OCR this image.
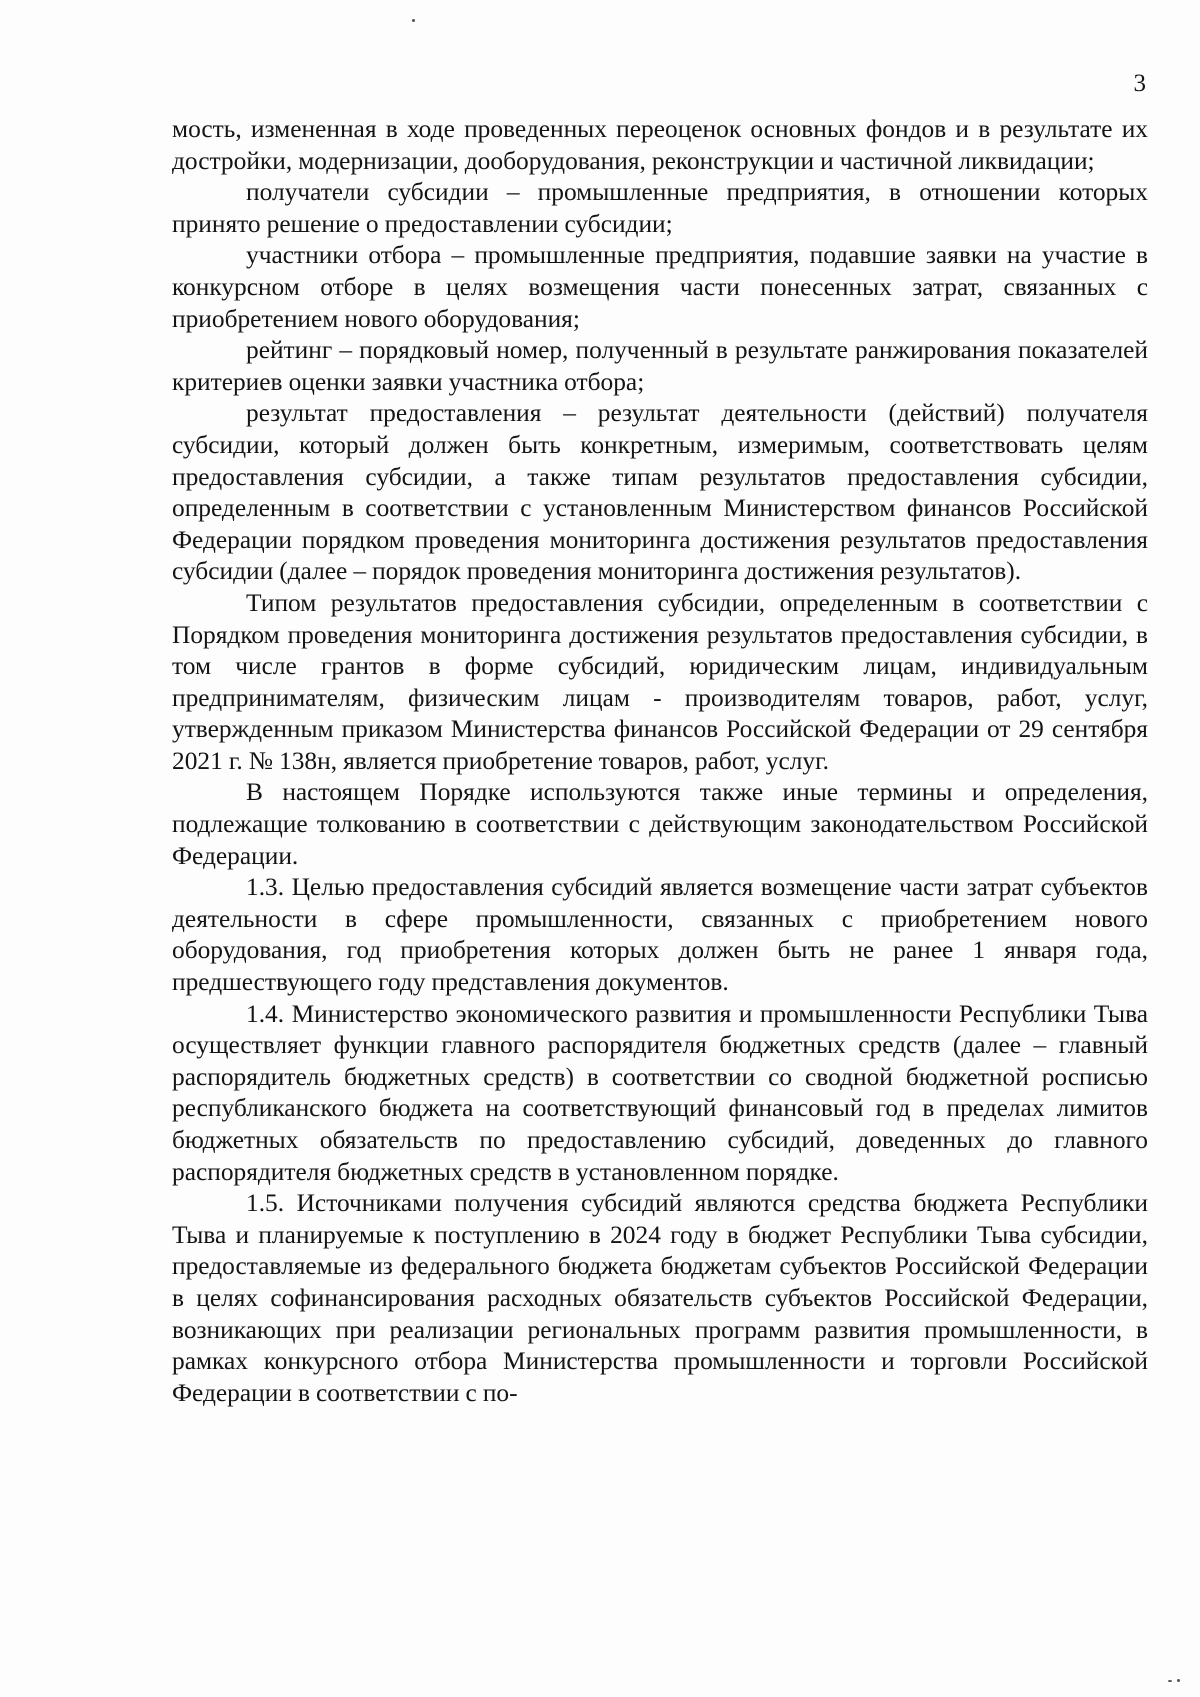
3

мость, измененная в ходе проведенных переоценок основных фондов и в результате их достройки, модернизации, дооборудования, реконструкции и частичной ликвидации;

получатели субсидии – промышленные предприятия, в отношении которых принято решение о предоставлении субсидии;

участники отбора – промышленные предприятия, подавшие заявки на участие в конкурсном отборе в целях возмещения части понесенных затрат, связанных с приобретением нового оборудования;

рейтинг – порядковый номер, полученный в результате ранжирования показателей критериев оценки заявки участника отбора;

результат предоставления – результат деятельности (действий) получателя субсидии, который должен быть конкретным, измеримым, соответствовать целям предоставления субсидии, а также типам результатов предоставления субсидии, определенным в соответствии с установленным Министерством финансов Российской Федерации порядком проведения мониторинга достижения результатов предоставления субсидии (далее – порядок проведения мониторинга достижения результатов).

Типом результатов предоставления субсидии, определенным в соответствии с Порядком проведения мониторинга достижения результатов предоставления субсидии, в том числе грантов в форме субсидий, юридическим лицам, индивидуальным предпринимателям, физическим лицам - производителям товаров, работ, услуг, утвержденным приказом Министерства финансов Российской Федерации от 29 сентября 2021 г. № 138н, является приобретение товаров, работ, услуг.

В настоящем Порядке используются также иные термины и определения, подлежащие толкованию в соответствии с действующим законодательством Российской Федерации.

1.3. Целью предоставления субсидий является возмещение части затрат субъектов деятельности в сфере промышленности, связанных с приобретением нового оборудования, год приобретения которых должен быть не ранее 1 января года, предшествующего году представления документов.

1.4. Министерство экономического развития и промышленности Республики Тыва осуществляет функции главного распорядителя бюджетных средств (далее – главный распорядитель бюджетных средств) в соответствии со сводной бюджетной росписью республиканского бюджета на соответствующий финансовый год в пределах лимитов бюджетных обязательств по предоставлению субсидий, доведенных до главного распорядителя бюджетных средств в установленном порядке.

1.5. Источниками получения субсидий являются средства бюджета Республики Тыва и планируемые к поступлению в 2024 году в бюджет Республики Тыва субсидии, предоставляемые из федерального бюджета бюджетам субъектов Российской Федерации в целях софинансирования расходных обязательств субъектов Российской Федерации, возникающих при реализации региональных программ развития промышленности, в рамках конкурсного отбора Министерства промышленности и торговли Российской Федерации в соответствии с по-
